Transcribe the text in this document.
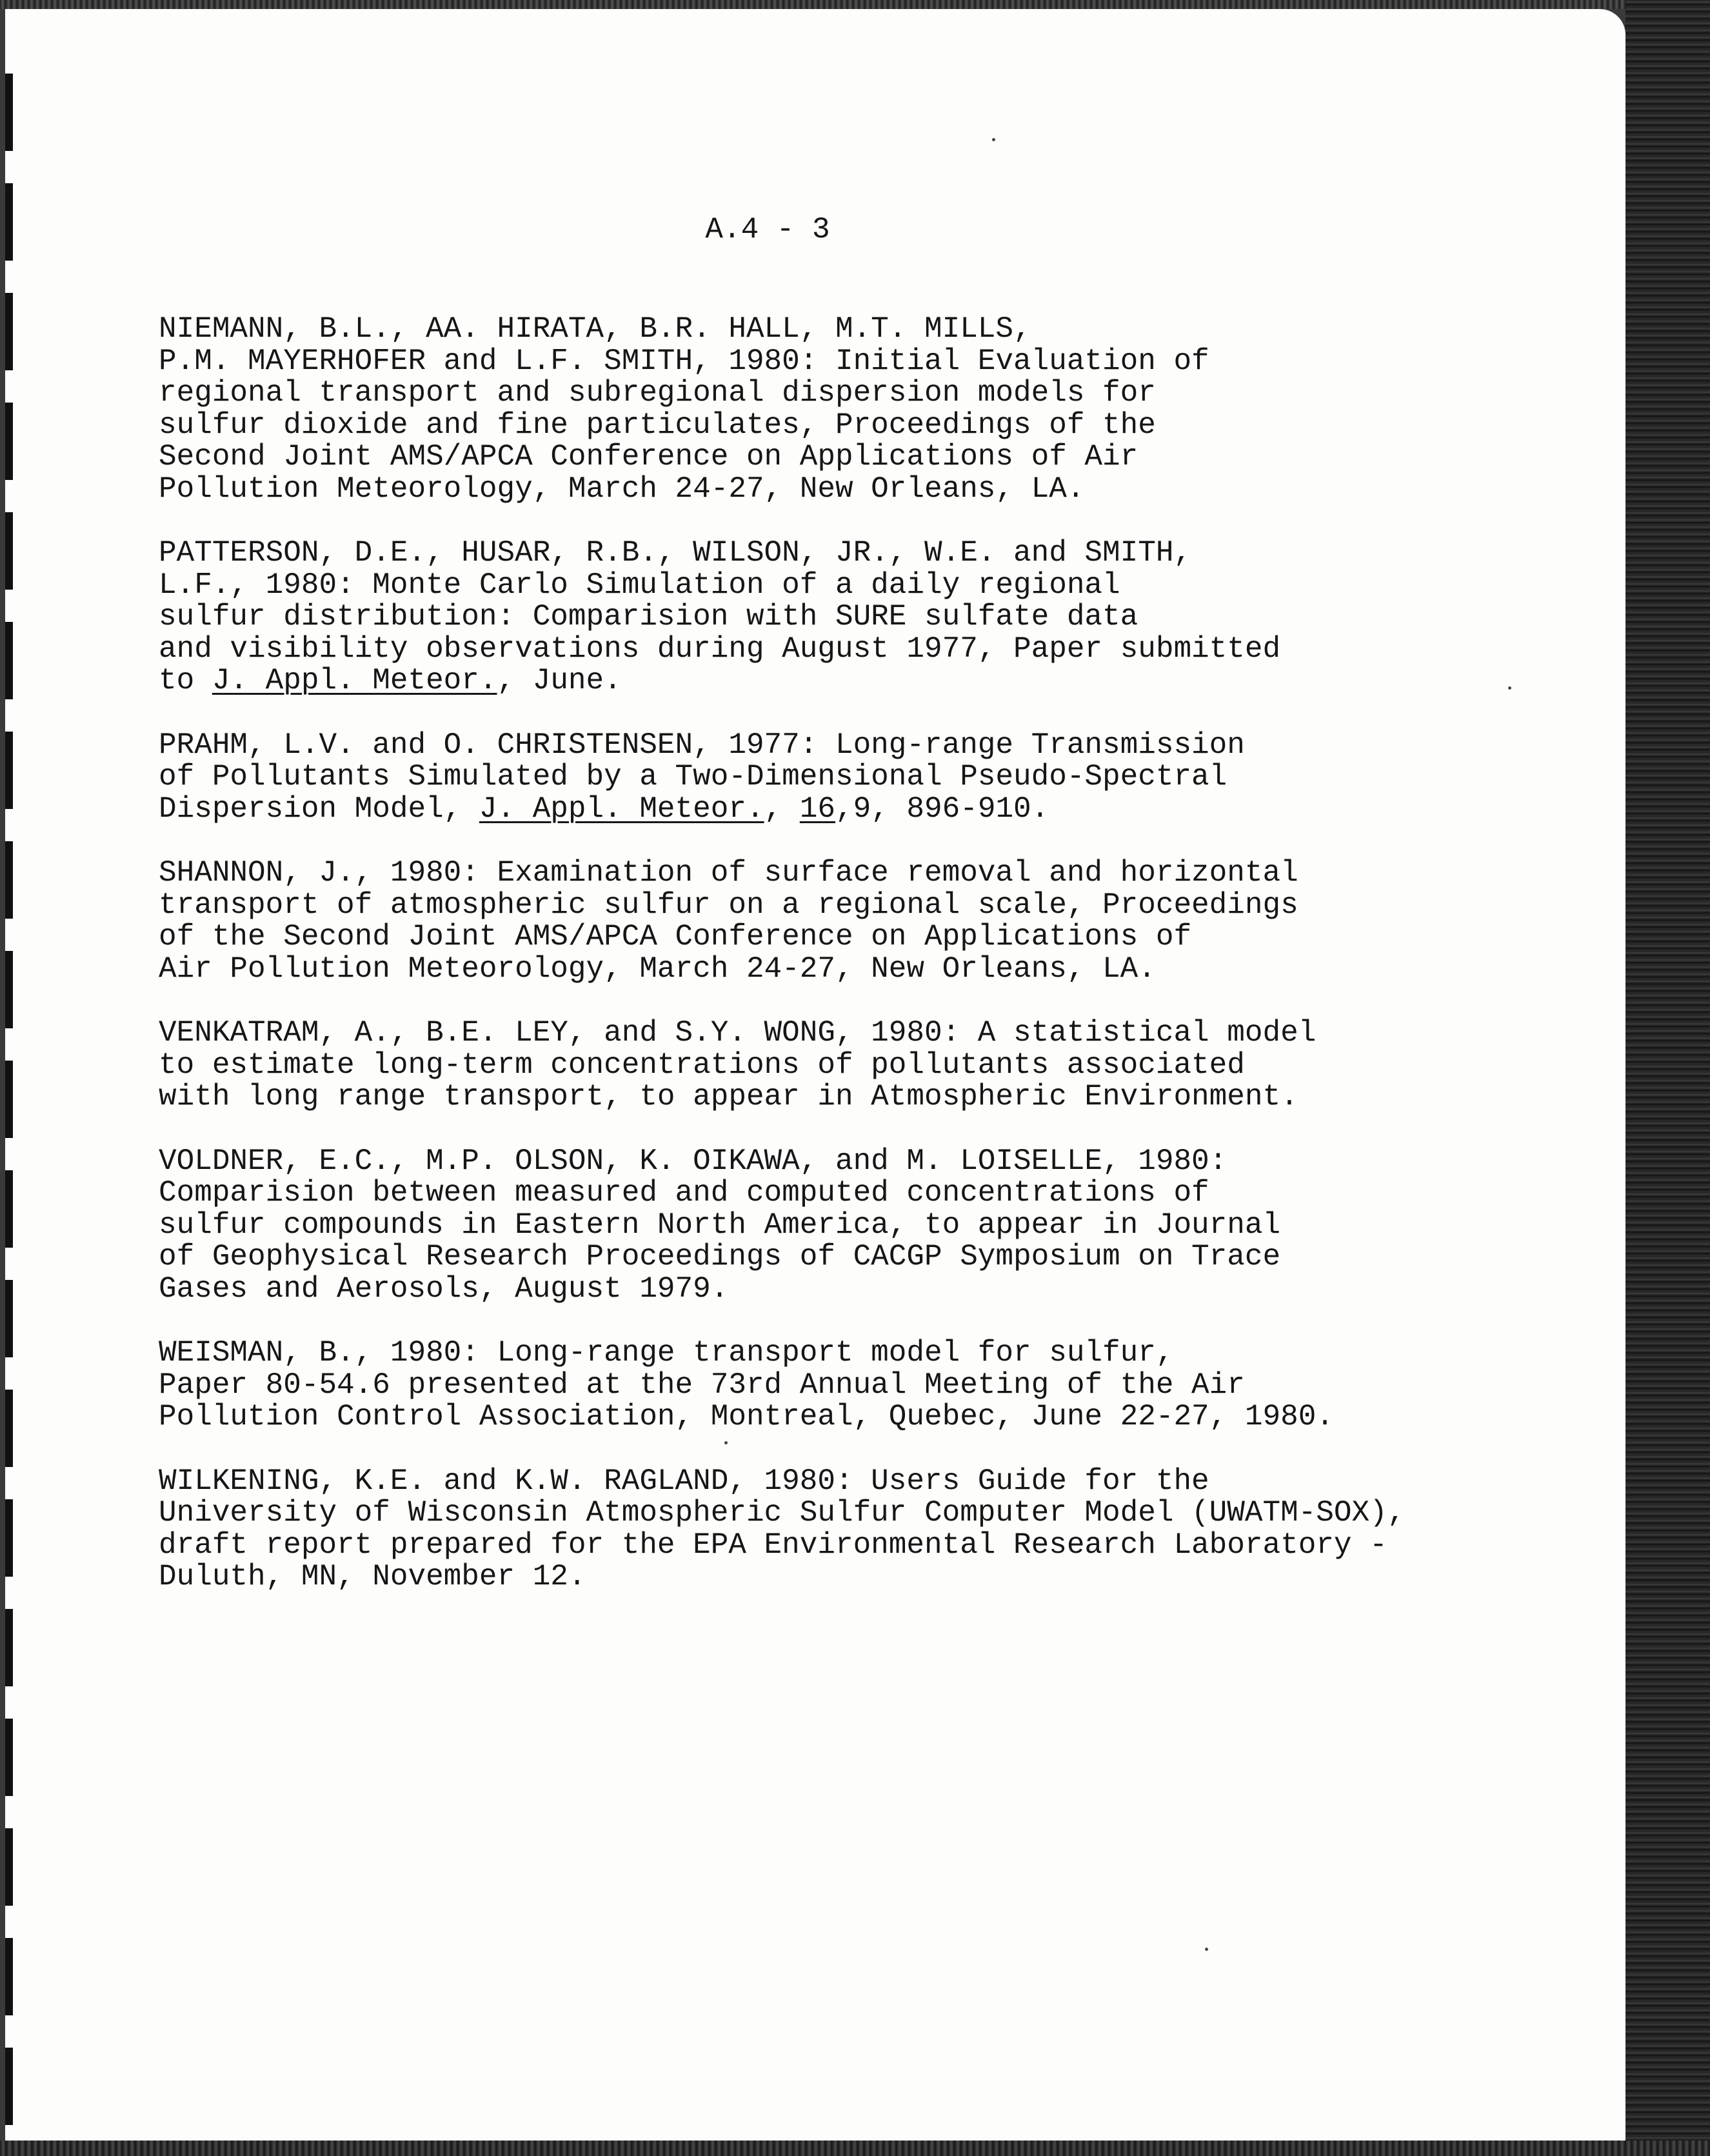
A.4 - 3

NIEMANN, B.L., AA. HIRATA, B.R. HALL, M.T. MILLS,
P.M. MAYERHOFER and L.F. SMITH, 1980: Initial Evaluation of
regional transport and subregional dispersion models for
sulfur dioxide and fine particulates, Proceedings of the
Second Joint AMS/APCA Conference on Applications of Air
Pollution Meteorology, March 24-27, New Orleans, LA.

PATTERSON, D.E., HUSAR, R.B., WILSON, JR., W.E. and SMITH,
L.F., 1980: Monte Carlo Simulation of a daily regional
sulfur distribution: Comparision with SURE sulfate data
and visibility observations during August 1977, Paper submitted
to J. Appl. Meteor., June.

PRAHM, L.V. and O. CHRISTENSEN, 1977: Long-range Transmission
of Pollutants Simulated by a Two-Dimensional Pseudo-Spectral
Dispersion Model, J. Appl. Meteor., 16,9, 896-910.

SHANNON, J., 1980: Examination of surface removal and horizontal
transport of atmospheric sulfur on a regional scale, Proceedings
of the Second Joint AMS/APCA Conference on Applications of
Air Pollution Meteorology, March 24-27, New Orleans, LA.

VENKATRAM, A., B.E. LEY, and S.Y. WONG, 1980: A statistical model
to estimate long-term concentrations of pollutants associated
with long range transport, to appear in Atmospheric Environment.

VOLDNER, E.C., M.P. OLSON, K. OIKAWA, and M. LOISELLE, 1980:
Comparision between measured and computed concentrations of
sulfur compounds in Eastern North America, to appear in Journal
of Geophysical Research Proceedings of CACGP Symposium on Trace
Gases and Aerosols, August 1979.

WEISMAN, B., 1980: Long-range transport model for sulfur,
Paper 80-54.6 presented at the 73rd Annual Meeting of the Air
Pollution Control Association, Montreal, Quebec, June 22-27, 1980.

WILKENING, K.E. and K.W. RAGLAND, 1980: Users Guide for the
University of Wisconsin Atmospheric Sulfur Computer Model (UWATM-SOX),
draft report prepared for the EPA Environmental Research Laboratory -
Duluth, MN, November 12.
